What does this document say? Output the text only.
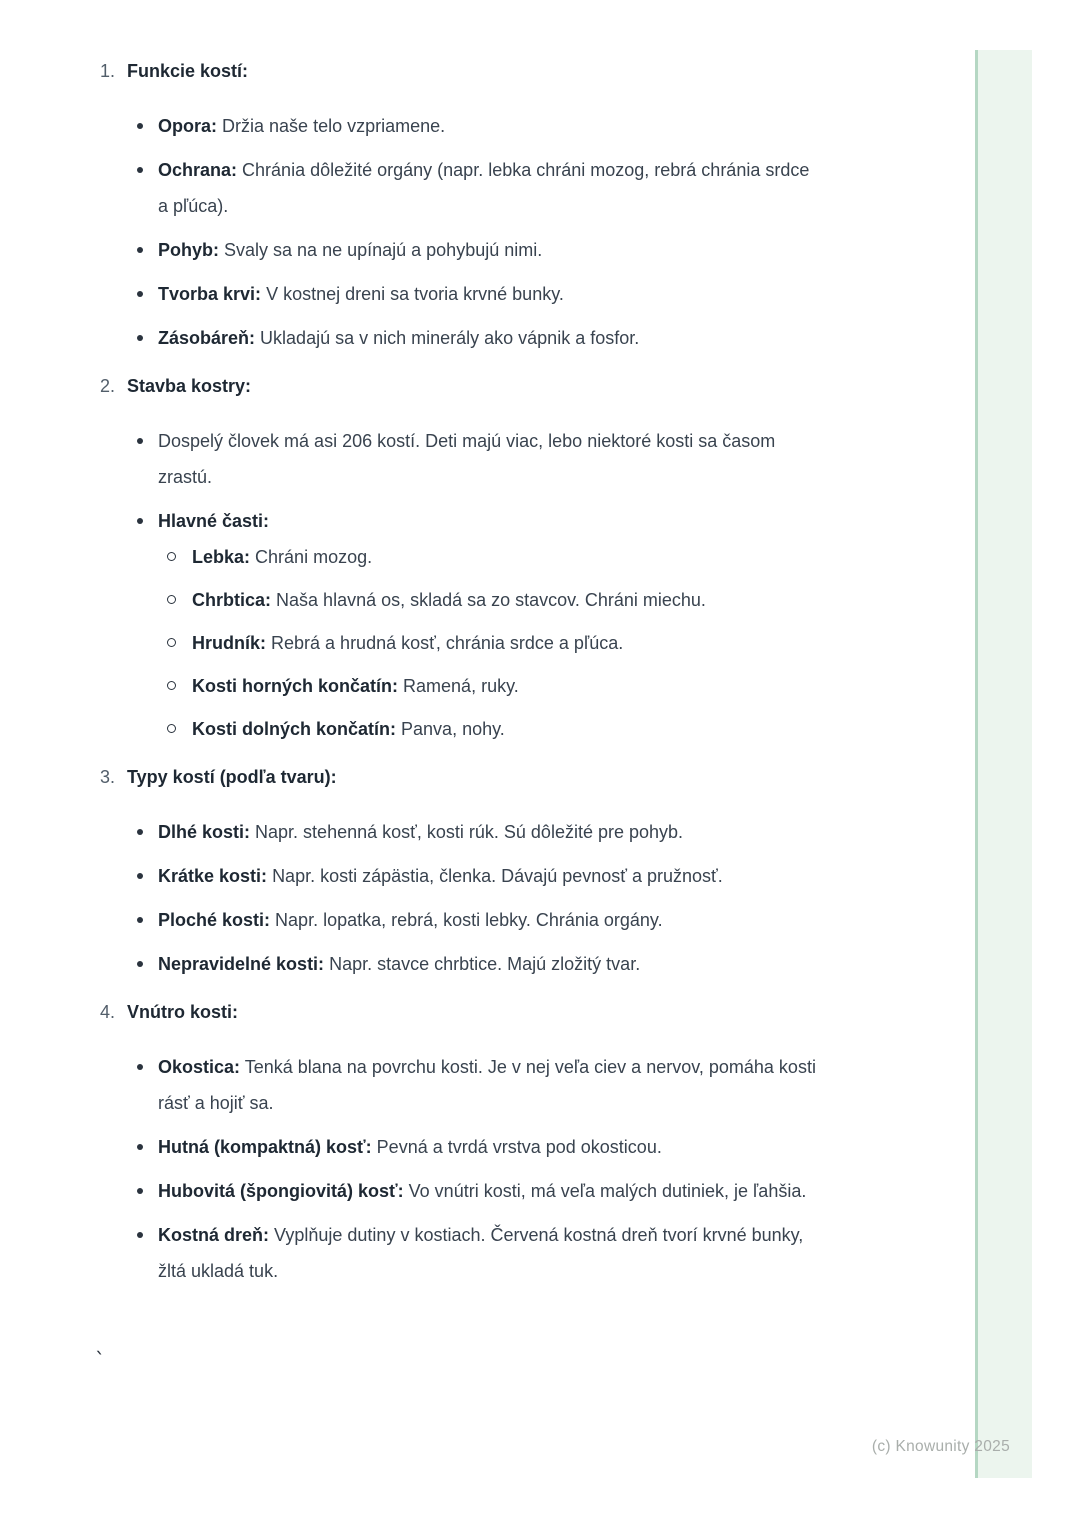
1. Funkcie kostí:
Opora: Držia naše telo vzpriamene.
Ochrana: Chránia dôležité orgány (napr. lebka chráni mozog, rebrá chránia srdce a pľúca).
Pohyb: Svaly sa na ne upínajú a pohybujú nimi.
Tvorba krvi: V kostnej dreni sa tvoria krvné bunky.
Zásobáreň: Ukladajú sa v nich minerály ako vápnik a fosfor.
2. Stavba kostry:
Dospelý človek má asi 206 kostí. Deti majú viac, lebo niektoré kosti sa časom zrastú.
Hlavné časti:
Lebka: Chráni mozog.
Chrbtica: Naša hlavná os, skladá sa zo stavcov. Chráni miechu.
Hrudník: Rebrá a hrudná kosť, chránia srdce a pľúca.
Kosti horných končatín: Ramená, ruky.
Kosti dolných končatín: Panva, nohy.
3. Typy kostí (podľa tvaru):
Dlhé kosti: Napr. stehenná kosť, kosti rúk. Sú dôležité pre pohyb.
Krátke kosti: Napr. kosti zápästia, členka. Dávajú pevnosť a pružnosť.
Ploché kosti: Napr. lopatka, rebrá, kosti lebky. Chránia orgány.
Nepravidelné kosti: Napr. stavce chrbtice. Majú zložitý tvar.
4. Vnútro kosti:
Okostica: Tenká blana na povrchu kosti. Je v nej veľa ciev a nervov, pomáha kosti rásť a hojiť sa.
Hutná (kompaktná) kosť: Pevná a tvrdá vrstva pod okosticou.
Hubovitá (špongiovitá) kosť: Vo vnútri kosti, má veľa malých dutiniek, je ľahšia.
Kostná dreň: Vyplňuje dutiny v kostiach. Červená kostná dreň tvorí krvné bunky, žltá ukladá tuk.
`
(c) Knowunity 2025
